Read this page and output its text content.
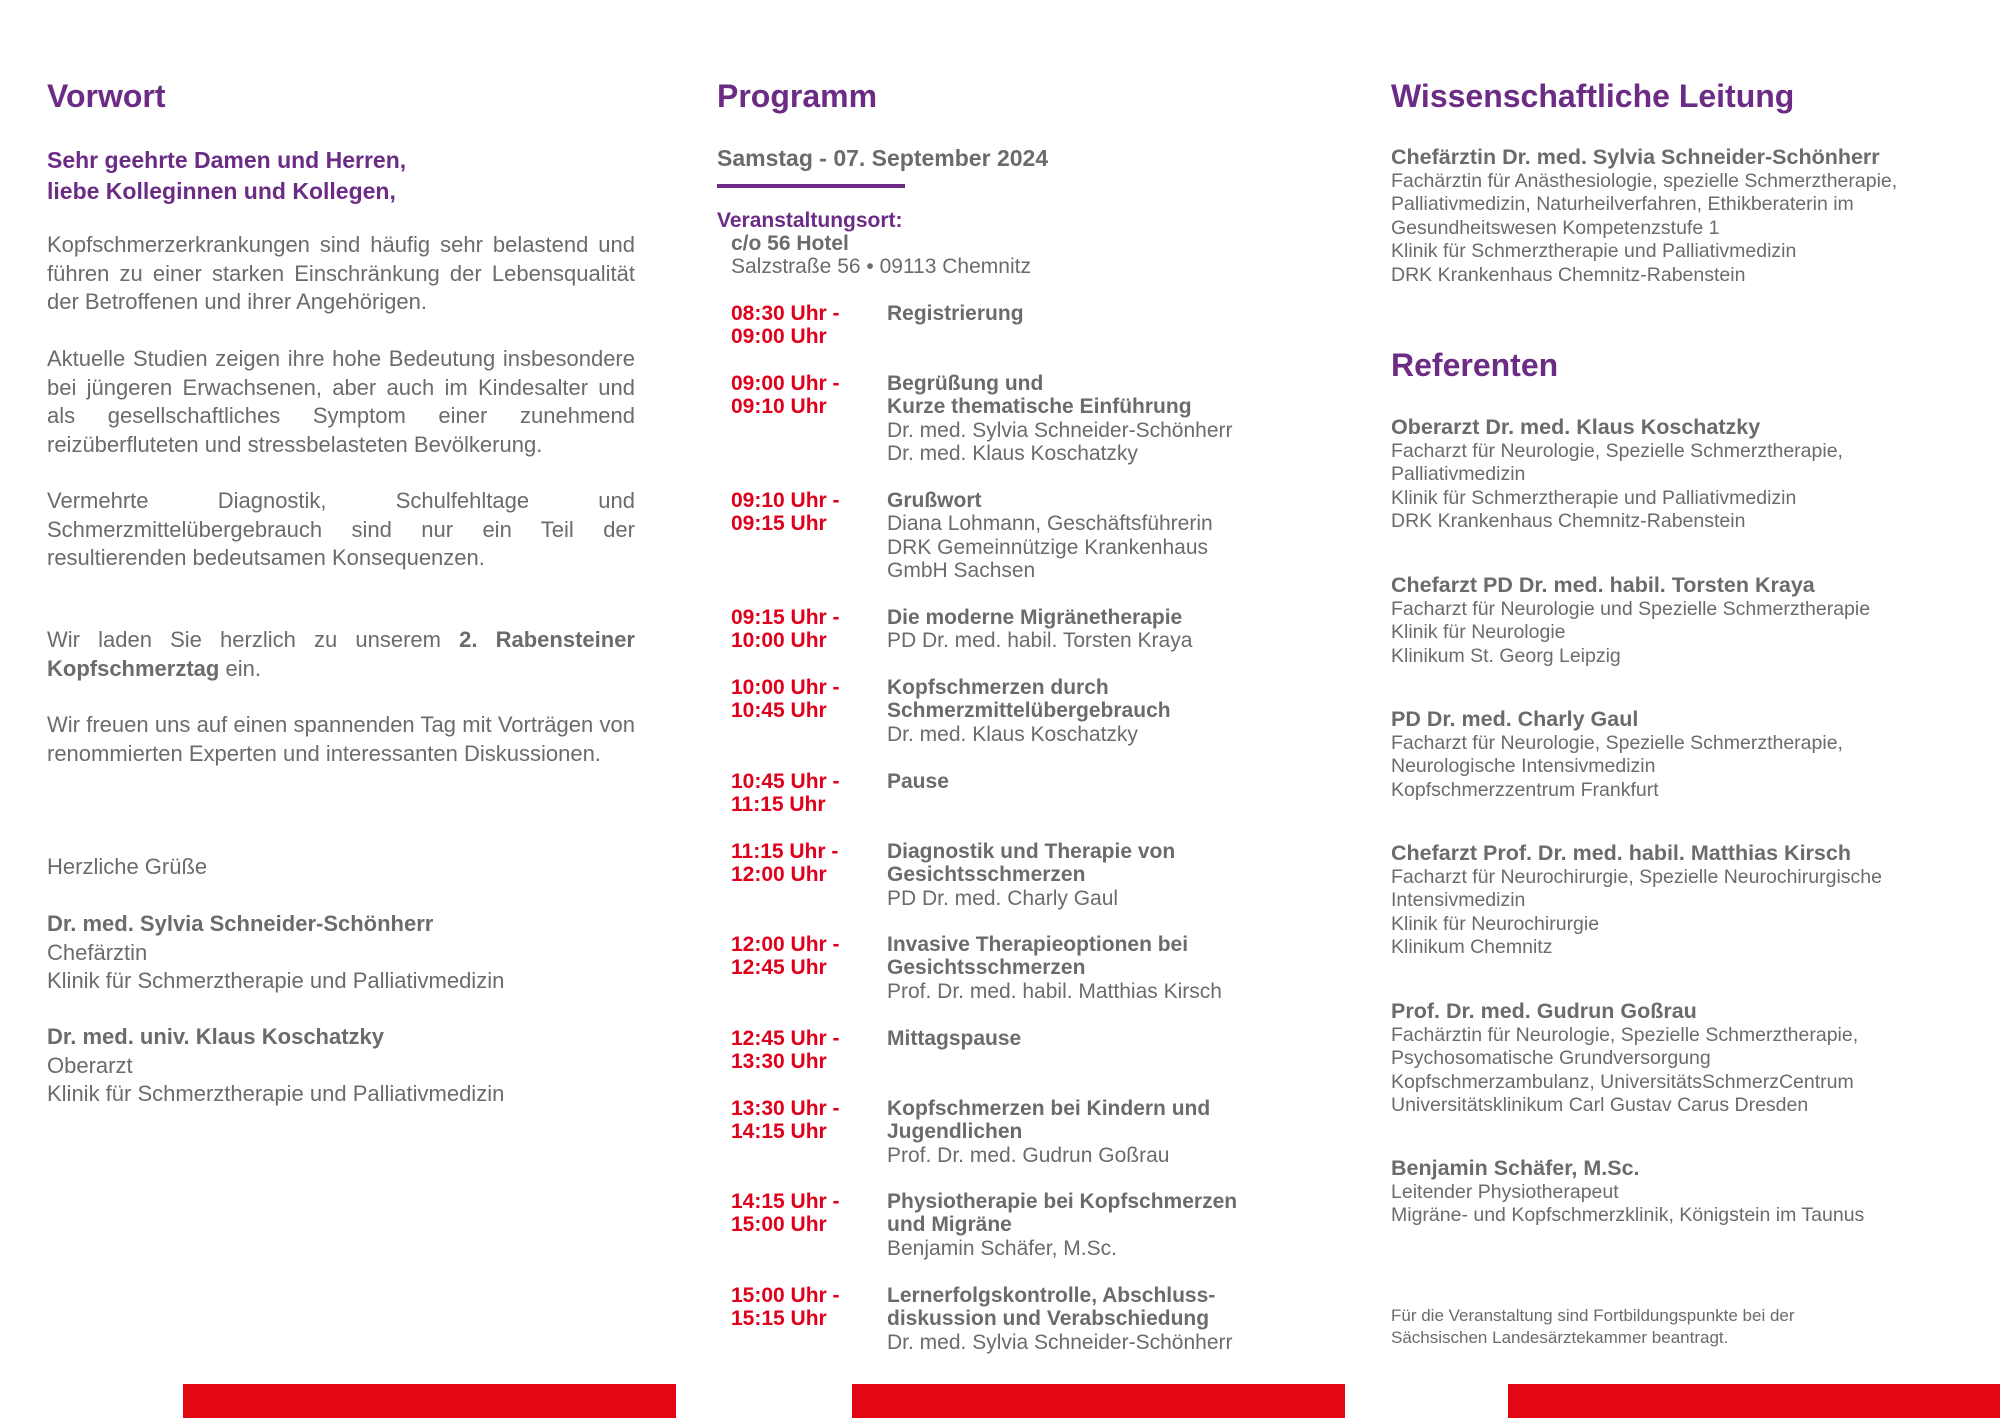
Vorwort
Sehr geehrte Damen und Herren,
liebe Kolleginnen und Kollegen,
Kopfschmerzerkrankungen sind häufig sehr belastend und führen zu einer starken Einschränkung der Lebensqualität der Betroffenen und ihrer Angehörigen.
Aktuelle Studien zeigen ihre hohe Bedeutung insbesondere bei jüngeren Erwachsenen, aber auch im Kindesalter und als gesellschaftliches Symptom einer zunehmend reizüberfluteten und stressbelasteten Bevölkerung.
Vermehrte Diagnostik, Schulfehltage und Schmerzmittelübergebrauch sind nur ein Teil der resultierenden bedeutsamen Konsequenzen.
Wir laden Sie herzlich zu unserem 2. Rabensteiner Kopfschmerztag ein.
Wir freuen uns auf einen spannenden Tag mit Vorträgen von renommierten Experten und interessanten Diskussionen.
Herzliche Grüße
Dr. med. Sylvia Schneider-Schönherr
Chefärztin
Klinik für Schmerztherapie und Palliativmedizin
Dr. med. univ. Klaus Koschatzky
Oberarzt
Klinik für Schmerztherapie und Palliativmedizin
Programm
Samstag - 07. September 2024
Veranstaltungsort:
c/o 56 Hotel
Salzstraße 56 • 09113 Chemnitz
08:30 Uhr -
09:00 Uhr
Registrierung
09:00 Uhr -
09:10 Uhr
Begrüßung und
Kurze thematische Einführung
Dr. med. Sylvia Schneider-Schönherr
Dr. med. Klaus Koschatzky
09:10 Uhr -
09:15 Uhr
Grußwort
Diana Lohmann, Geschäftsführerin
DRK Gemeinnützige Krankenhaus
GmbH Sachsen
09:15 Uhr -
10:00 Uhr
Die moderne Migränetherapie
PD Dr. med. habil. Torsten Kraya
10:00 Uhr -
10:45 Uhr
Kopfschmerzen durch
Schmerzmittelübergebrauch
Dr. med. Klaus Koschatzky
10:45 Uhr -
11:15 Uhr
Pause
11:15 Uhr -
12:00 Uhr
Diagnostik und Therapie von
Gesichtsschmerzen
PD Dr. med. Charly Gaul
12:00 Uhr -
12:45 Uhr
Invasive Therapieoptionen bei
Gesichtsschmerzen
Prof. Dr. med. habil. Matthias Kirsch
12:45 Uhr -
13:30 Uhr
Mittagspause
13:30 Uhr -
14:15 Uhr
Kopfschmerzen bei Kindern und
Jugendlichen
Prof. Dr. med. Gudrun Goßrau
14:15 Uhr -
15:00 Uhr
Physiotherapie bei Kopfschmerzen
und Migräne
Benjamin Schäfer, M.Sc.
15:00 Uhr -
15:15 Uhr
Lernerfolgskontrolle, Abschluss-
diskussion und Verabschiedung
Dr. med. Sylvia Schneider-Schönherr
Wissenschaftliche Leitung
Chefärztin Dr. med. Sylvia Schneider-Schönherr
Fachärztin für Anästhesiologie, spezielle Schmerztherapie,
Palliativmedizin, Naturheilverfahren, Ethikberaterin im
Gesundheitswesen Kompetenzstufe 1
Klinik für Schmerztherapie und Palliativmedizin
DRK Krankenhaus Chemnitz-Rabenstein
Referenten
Oberarzt Dr. med. Klaus Koschatzky
Facharzt für Neurologie, Spezielle Schmerztherapie,
Palliativmedizin
Klinik für Schmerztherapie und Palliativmedizin
DRK Krankenhaus Chemnitz-Rabenstein
Chefarzt PD Dr. med. habil. Torsten Kraya
Facharzt für Neurologie und Spezielle Schmerztherapie
Klinik für Neurologie
Klinikum St. Georg Leipzig
PD Dr. med. Charly Gaul
Facharzt für Neurologie, Spezielle Schmerztherapie,
Neurologische Intensivmedizin
Kopfschmerzzentrum Frankfurt
Chefarzt Prof. Dr. med. habil. Matthias Kirsch
Facharzt für Neurochirurgie, Spezielle Neurochirurgische
Intensivmedizin
Klinik für Neurochirurgie
Klinikum Chemnitz
Prof. Dr. med. Gudrun Goßrau
Fachärztin für Neurologie, Spezielle Schmerztherapie,
Psychosomatische Grundversorgung
Kopfschmerzambulanz, UniversitätsSchmerzCentrum
Universitätsklinikum Carl Gustav Carus Dresden
Benjamin Schäfer, M.Sc.
Leitender Physiotherapeut
Migräne- und Kopfschmerzklinik, Königstein im Taunus
Für die Veranstaltung sind Fortbildungspunkte bei der
Sächsischen Landesärztekammer beantragt.
